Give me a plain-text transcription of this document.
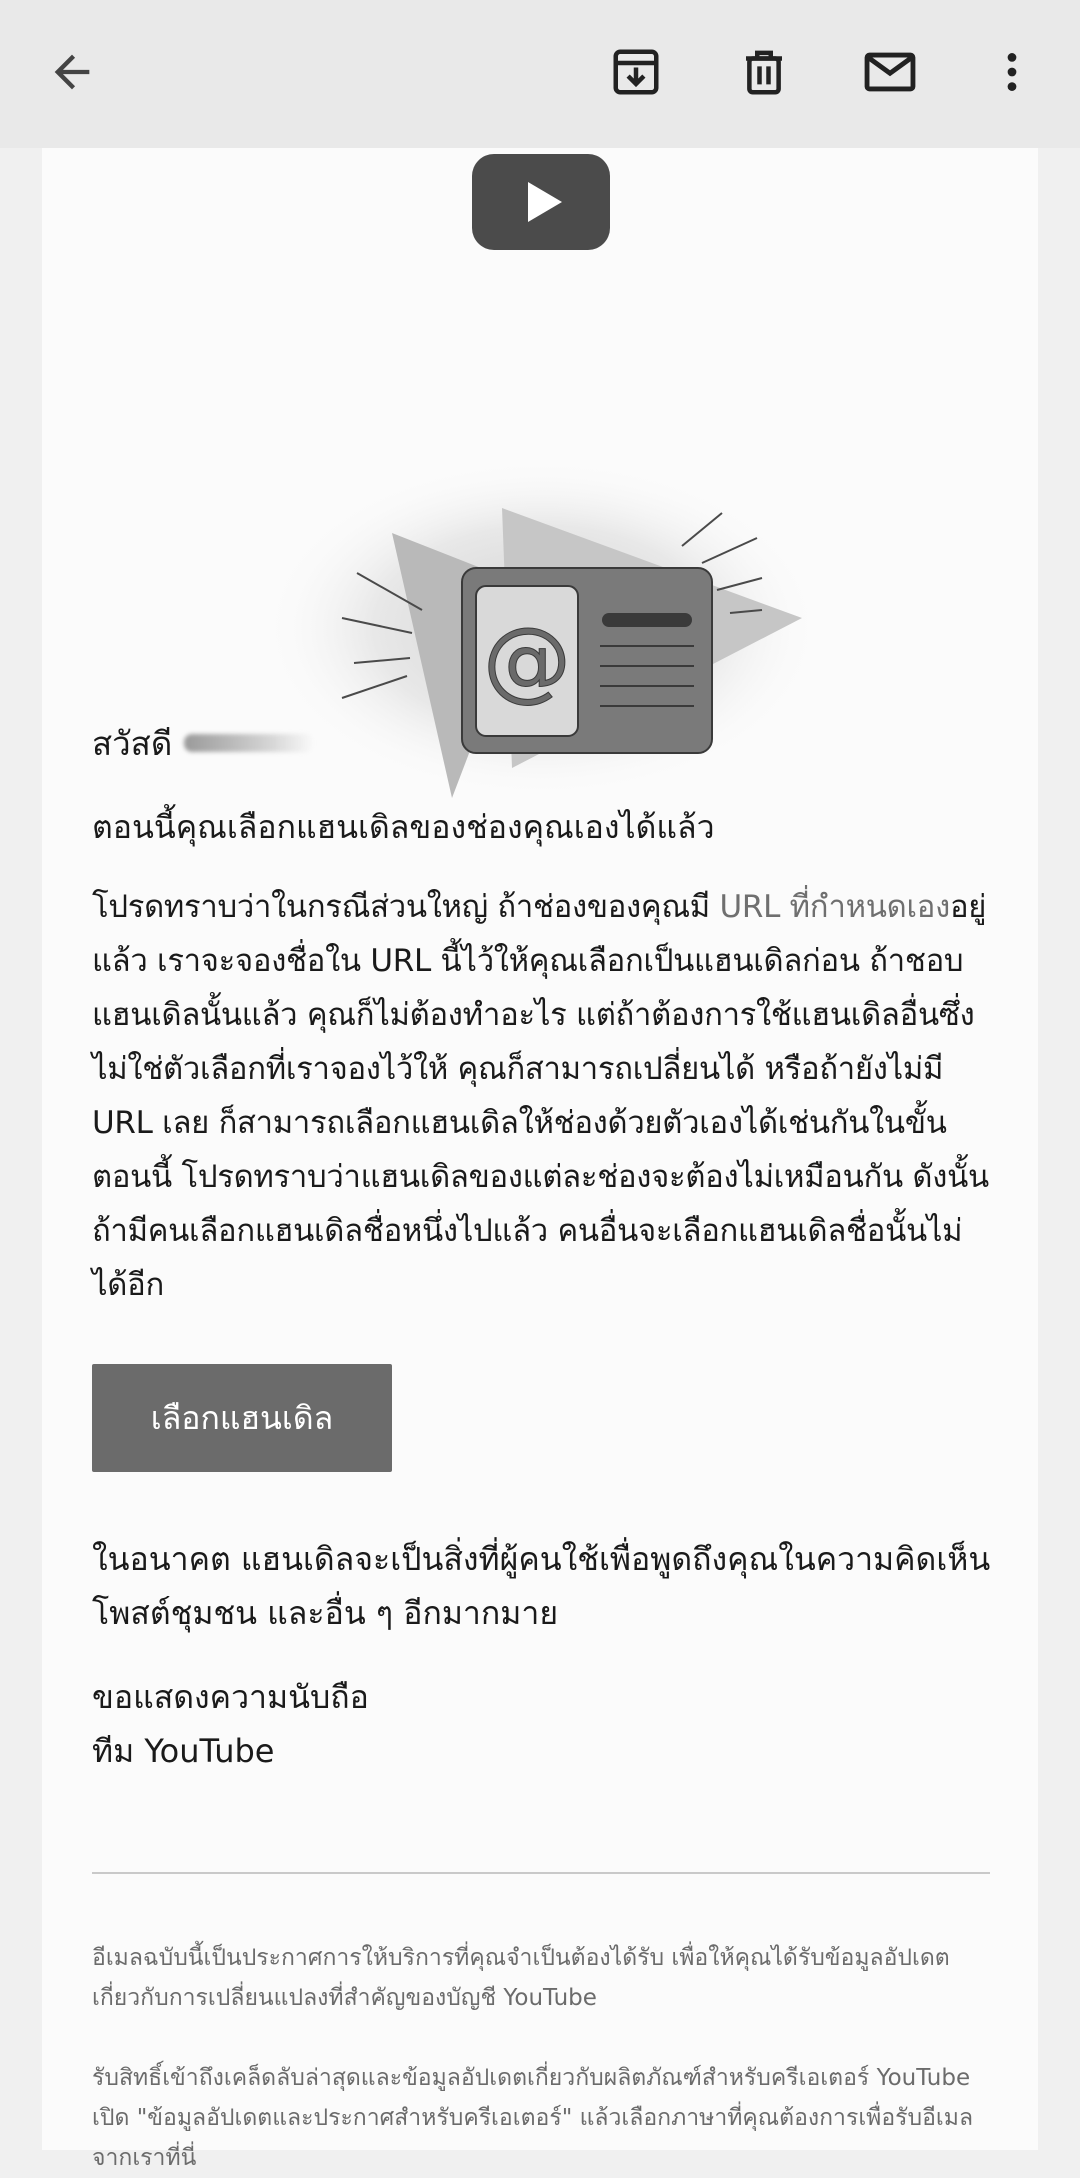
@
สวัสดี
ตอนนี้คุณเลือกแฮนเดิลของช่องคุณเองได้แล้ว
โปรดทราบว่าในกรณีส่วนใหญ่ ถ้าช่องของคุณมี URL ที่กำหนดเองอยู่แล้ว เราจะจองชื่อใน URL นี้ไว้ให้คุณเลือกเป็นแฮนเดิลก่อน ถ้าชอบแฮนเดิลนั้นแล้ว คุณก็ไม่ต้องทำอะไร แต่ถ้าต้องการใช้แฮนเดิลอื่นซึ่งไม่ใช่ตัวเลือกที่เราจองไว้ให้ คุณก็สามารถเปลี่ยนได้ หรือถ้ายังไม่มี URL เลย ก็สามารถเลือกแฮนเดิลให้ช่องด้วยตัวเองได้เช่นกันในขั้นตอนนี้ โปรดทราบว่าแฮนเดิลของแต่ละช่องจะต้องไม่เหมือนกัน ดังนั้นถ้ามีคนเลือกแฮนเดิลชื่อหนึ่งไปแล้ว คนอื่นจะเลือกแฮนเดิลชื่อนั้นไม่ได้อีก
เลือกแฮนเดิล
ในอนาคต แฮนเดิลจะเป็นสิ่งที่ผู้คนใช้เพื่อพูดถึงคุณในความคิดเห็น โพสต์ชุมชน และอื่น ๆ อีกมากมาย
ขอแสดงความนับถือ
ทีม YouTube

อีเมลฉบับนี้เป็นประกาศการให้บริการที่คุณจำเป็นต้องได้รับ เพื่อให้คุณได้รับข้อมูลอัปเดตเกี่ยวกับการเปลี่ยนแปลงที่สำคัญของบัญชี YouTube

รับสิทธิ์เข้าถึงเคล็ดลับล่าสุดและข้อมูลอัปเดตเกี่ยวกับผลิตภัณฑ์สำหรับครีเอเตอร์ YouTube เปิด "ข้อมูลอัปเดตและประกาศสำหรับครีเอเตอร์" แล้วเลือกภาษาที่คุณต้องการเพื่อรับอีเมลจากเราที่นี่
